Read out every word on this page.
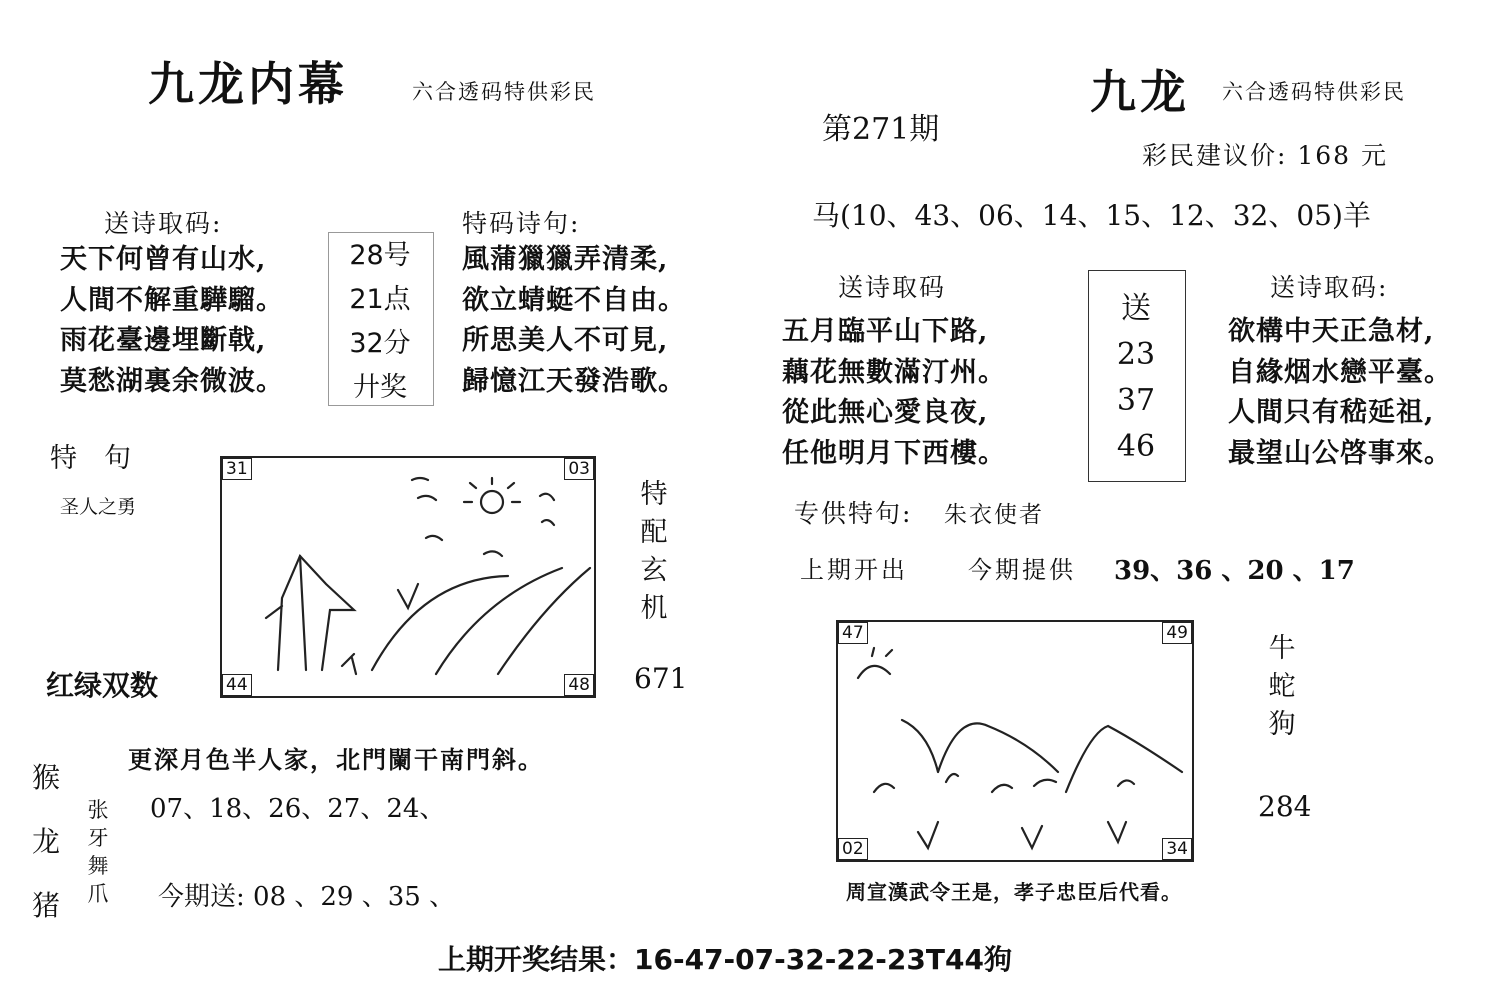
九龙内幕	六合透码特供彩民
第271期
九龙 六合透码特供彩民
彩民建议价: 168 元
送诗取码:
天下何曾有山水,
人間不解重驊騮。
雨花臺邊埋斷戟,
莫愁湖裏余微波。
28号
21点
32分
廾奖
特码诗句:
風蒲獵獵弄清柔,
欲立蜻蜓不自由。
所思美人不可見,
歸憶江天發浩歌。
特　句
圣人之勇
31	03
44	48
特
配
玄
机
红绿双数	671
更深月色半人家，北門闌干南門斜。
猴
龙
猪
张
牙
舞
爪
07、18、26、27、24、
今期送: 08 、29 、35 、
马(10、43、06、14、15、12、32、05)羊
送诗取码
五月臨平山下路,
藕花無數滿汀州。
從此無心愛良夜,
任他明月下西樓。
送
23
37
46
送诗取码:
欲構中天正急材,
自緣烟水戀平臺。
人間只有嵇延祖,
最望山公啓事來。
专供特句: 朱衣使者
上期开出	今期提供 39、36 、20 、17
47	49
02	34
牛
蛇
狗
284
周宣漢武令王是，孝子忠臣后代看。
上期开奖结果：16-47-07-32-22-23T44狗
